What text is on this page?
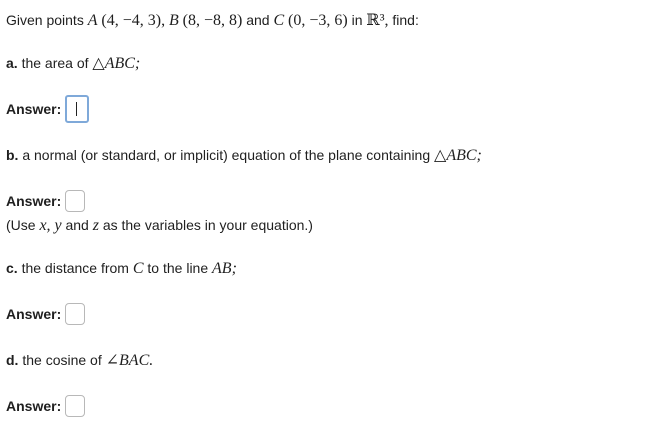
Given points A (4, −4, 3), B (8, −8, 8) and C (0, −3, 6) in ℝ³, find:
a. the area of △ABC;
Answer:
b. a normal (or standard, or implicit) equation of the plane containing △ABC;
Answer:
(Use x, y and z as the variables in your equation.)
c. the distance from C to the line AB;
Answer:
d. the cosine of ∠BAC.
Answer:
